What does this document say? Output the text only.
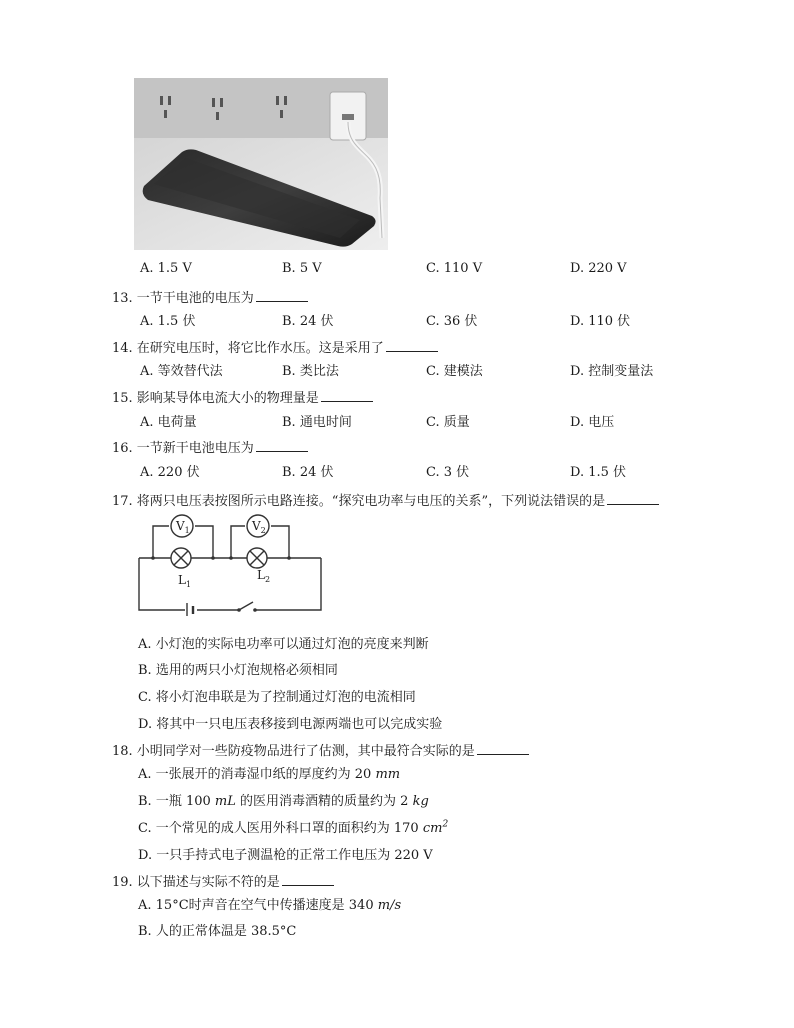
A. 1.5 V	B. 5 V	C. 110 V	D. 220 V
13. 一节干电池的电压为
A. 1.5 伏	B. 24 伏	C. 36 伏	D. 110 伏
14. 在研究电压时，将它比作水压。这是采用了
A. 等效替代法	B. 类比法	C. 建模法	D. 控制变量法
15. 影响某导体电流大小的物理量是
A. 电荷量	B. 通电时间	C. 质量	D. 电压
16. 一节新干电池电压为
A. 220 伏	B. 24 伏	C. 3 伏	D. 1.5 伏
17. 将两只电压表按图所示电路连接。“探究电功率与电压的关系”，下列说法错误的是
$V_1$	$V_2$
$L_1$
$L_2$
A. 小灯泡的实际电功率可以通过灯泡的亮度来判断
B. 选用的两只小灯泡规格必须相同
C. 将小灯泡串联是为了控制通过灯泡的电流相同
D. 将其中一只电压表移接到电源两端也可以完成实验
18. 小明同学对一些防疫物品进行了估测，其中最符合实际的是
A. 一张展开的消毒湿巾纸的厚度约为 20 mm
B. 一瓶 100 mL 的医用消毒酒精的质量约为 2 kg
C. 一个常见的成人医用外科口罩的面积约为 170 $cm^2$
D. 一只手持式电子测温枪的正常工作电压为 220 V
19. 以下描述与实际不符的是
A. 15°C时声音在空气中传播速度是 340 m/s
B. 人的正常体温是 38.5°C
